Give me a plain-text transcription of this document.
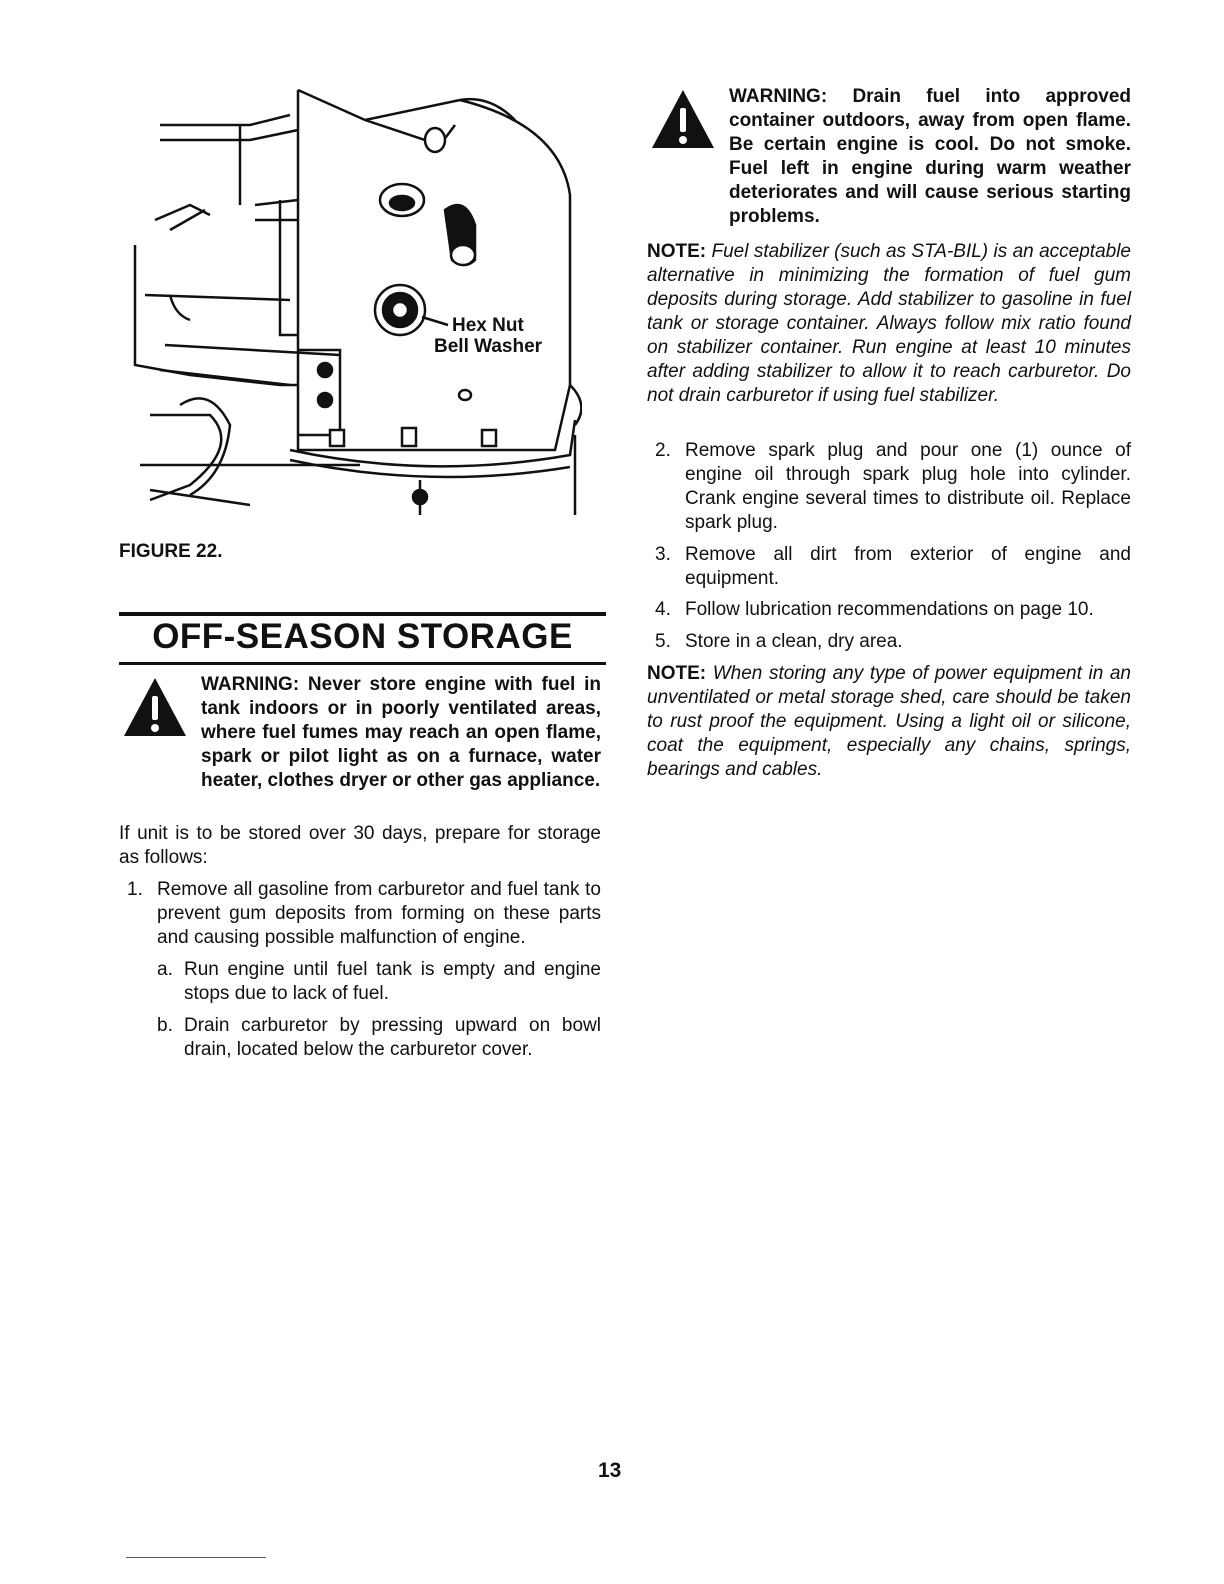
Hex Nut
Bell Washer
FIGURE 22.
OFF-SEASON STORAGE
WARNING: Never store engine with fuel in tank indoors or in poorly ventilated areas, where fuel fumes may reach an open flame, spark or pilot light as on a furnace, water heater, clothes dryer or other gas appliance.
If unit is to be stored over 30 days, prepare for storage as follows:
1. Remove all gasoline from carburetor and fuel tank to prevent gum deposits from forming on these parts and causing possible malfunction of engine.
a. Run engine until fuel tank is empty and engine stops due to lack of fuel.
b. Drain carburetor by pressing upward on bowl drain, located below the carburetor cover.
WARNING: Drain fuel into approved container outdoors, away from open flame. Be certain engine is cool. Do not smoke. Fuel left in engine during warm weather deteriorates and will cause serious starting problems.
NOTE: Fuel stabilizer (such as STA-BIL) is an acceptable alternative in minimizing the formation of fuel gum deposits during storage. Add stabilizer to gasoline in fuel tank or storage container. Always follow mix ratio found on stabilizer container. Run engine at least 10 minutes after adding stabilizer to allow it to reach carburetor. Do not drain carburetor if using fuel stabilizer.
2. Remove spark plug and pour one (1) ounce of engine oil through spark plug hole into cylinder. Crank engine several times to distribute oil. Replace spark plug.
3. Remove all dirt from exterior of engine and equipment.
4. Follow lubrication recommendations on page 10.
5. Store in a clean, dry area.
NOTE: When storing any type of power equipment in an unventilated or metal storage shed, care should be taken to rust proof the equipment. Using a light oil or silicone, coat the equipment, especially any chains, springs, bearings and cables.
13
